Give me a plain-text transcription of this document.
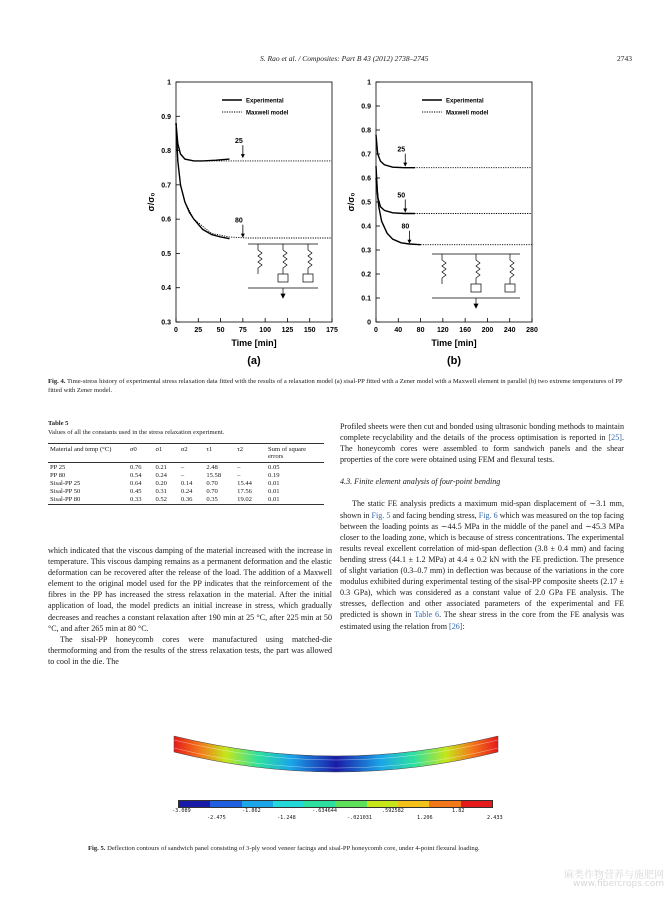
S. Rao et al. / Composites: Part B 43 (2012) 2738–2745	2743
0.3
0.4
0.5
0.6
0.7
0.8
0.9
1
0 25 50 75 100 125 150 175
Time [min]
σ/σ₀
(a)
Experimental
Maxwell model
25
80
0
0.1
0.2
0.3
0.4
0.5
0.6
0.7
0.8
0.9
1
0 40 80 120 160 200 240 280
Time [min]
σ/σ₀
(b)
Experimental
Maxwell model
25
50
80
Fig. 4. Time-stress history of experimental stress relaxation data fitted with the results of a relaxation model (a) sisal-PP fitted with a Zener model with a Maxwell element in parallel (b) two extreme temperatures of PP fitted with Zener model.
Table 5
Values of all the constants used in the stress relaxation experiment.
Material and temp (°C)	σ0	σ1	σ2	τ1	τ2	Sum of square errors
PP 25	0.76	0.21	–	2.48	–	0.05
PP 80	0.54	0.24	–	15.58	–	0.19
Sisal-PP 25	0.64	0.20	0.14	0.70	15.44	0.01
Sisal-PP 50	0.45	0.31	0.24	0.70	17.56	0.01
Sisal-PP 80	0.33	0.52	0.36	0.35	19.02	0.01

which indicated that the viscous damping of the material increased with the increase in temperature. This viscous damping remains as a permanent deformation and the elastic deformation can be recovered after the release of the load. The addition of a Maxwell element to the original model used for the PP indicates that the reinforcement of the fibres in the PP has increased the stress relaxation in the material. After the initial application of load, the model predicts an initial increase in stress, which gradually decreases and reaches a constant relaxation after 190 min at 25 °C, after 225 min at 50 °C, and after 265 min at 80 °C.

The sisal-PP honeycomb cores were manufactured using matched-die thermoforming and from the results of the stress relaxation tests, the part was allowed to cool in the die. The

Profiled sheets were then cut and bonded using ultrasonic bonding methods to maintain complete recyclability and the details of the process optimisation is reported in [25]. The honeycomb cores were assembled to form sandwich panels and the shear properties of the core were obtained using FEM and flexural tests.

4.3. Finite element analysis of four-point bending

The static FE analysis predicts a maximum mid-span displacement of ∼3.1 mm, shown in Fig. 5 and facing bending stress, Fig. 6 which was measured on the top facing between the loading points as ∼44.5 MPa in the middle of the panel and ∼45.3 MPa closer to the loading zone, which is because of stress concentrations. The experimental results reveal excellent correlation of mid-span deflection (3.8 ± 0.4 mm) and facing bending stress (44.1 ± 1.2 MPa) at 4.4 ± 0.2 kN with the FE prediction. The presence of slight variation (0.3–0.7 mm) in deflection was because of the variations in the core modulus exhibited during experimental testing of the sisal-PP composite sheets (2.17 ± 0.3 GPa), which was considered as a constant value of 2.0 GPa FE analysis. The stresses, deflection and other associated parameters of the experimental and FE predicted is shown in Table 6. The shear stress in the core from the FE analysis was estimated using the relation from [26]:

-3.089
-2.475
-1.862
-1.248
-.634644
-.021031
.592582
1.206
1.82
2.433
Fig. 5. Deflection contours of sandwich panel consisting of 3-ply wood veneer facings and sisal-PP honeycomb core, under 4-point flexural loading.
麻类作物营养与施肥网
www.fibercrops.com
